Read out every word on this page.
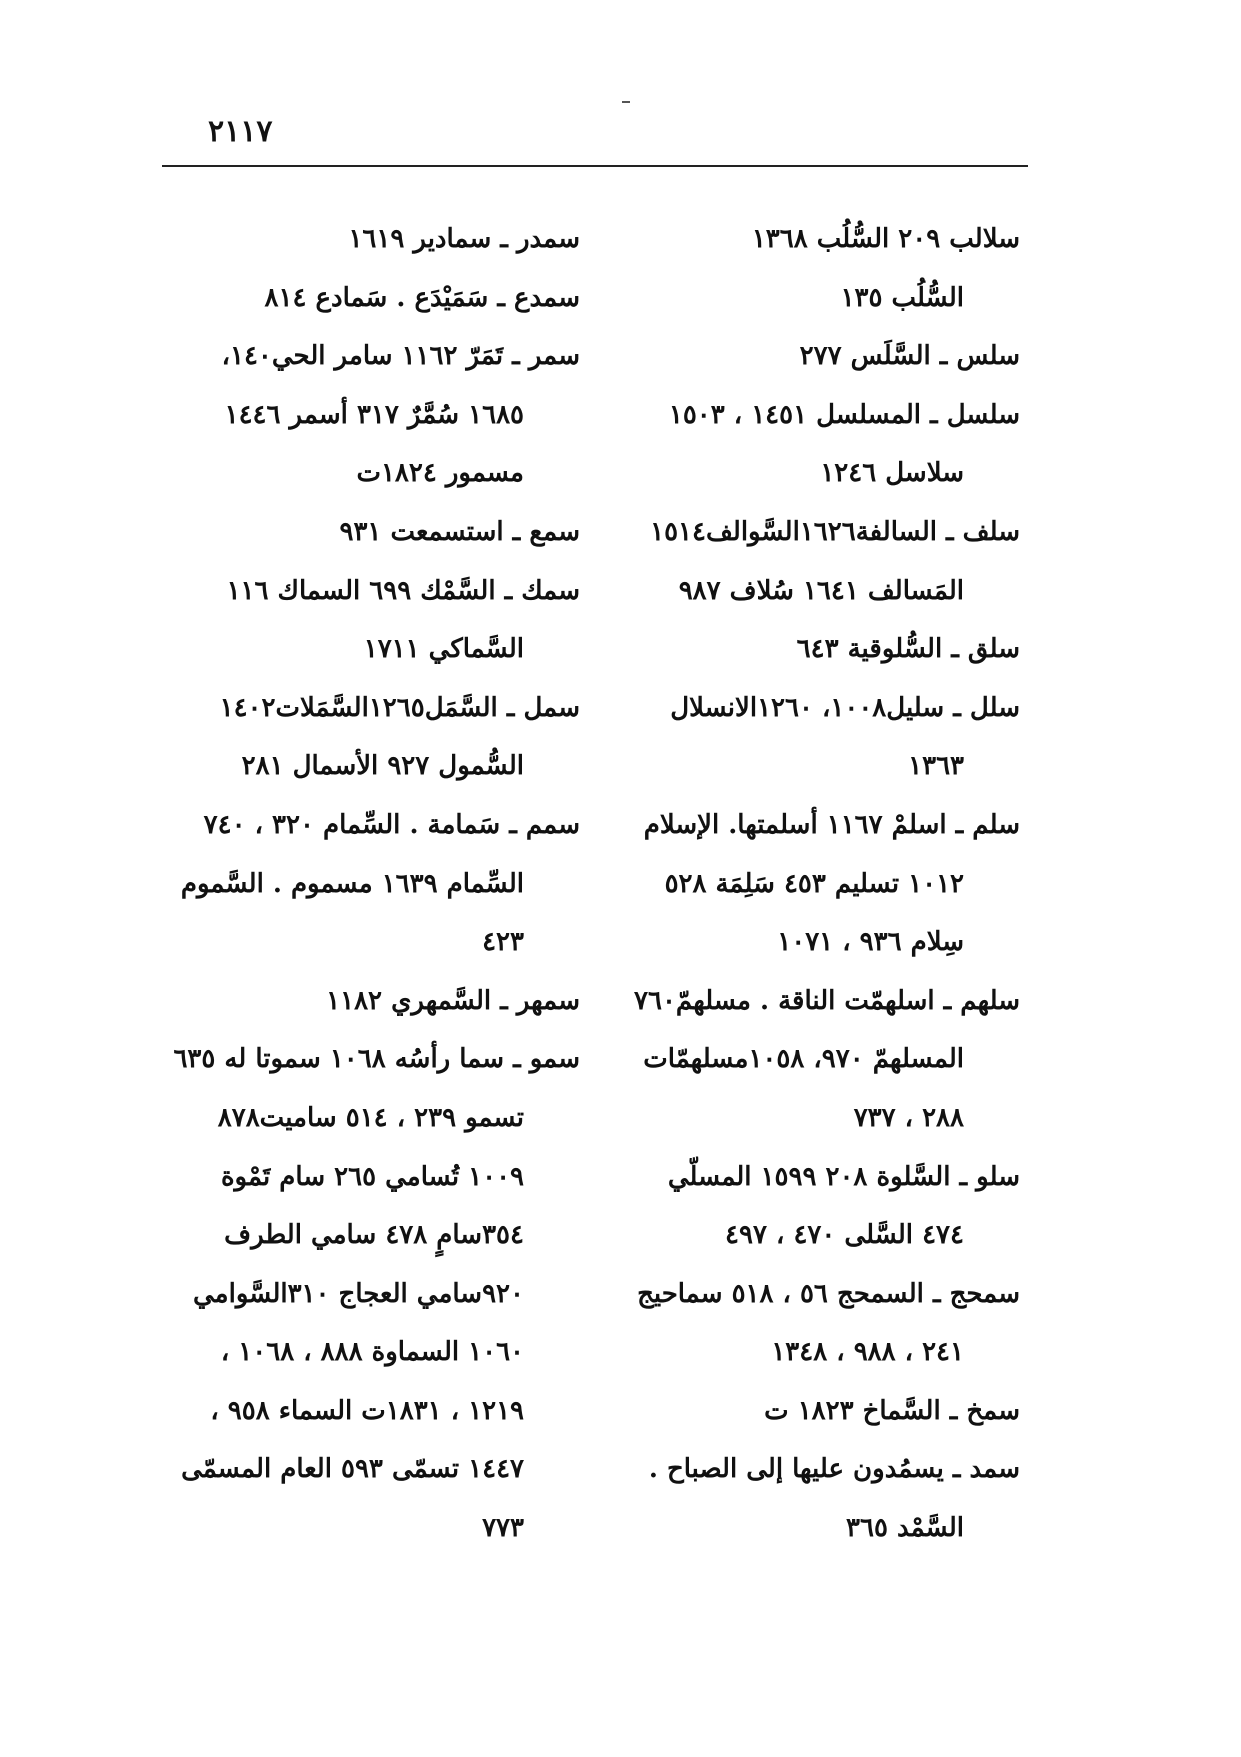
٢١١٧
سلالب ٢٠٩ السُّلُب ١٣٦٨
السُّلُب ١٣٥
سلس ـ السَّلَس ٢٧٧
سلسل ـ المسلسل ١٤٥١ ، ١٥٠٣
سلاسل ١٢٤٦
سلف ـ السالفة١٦٢٦السَّوالف١٥١٤
المَسالف ١٦٤١ سُلاف ٩٨٧
سلق ـ السُّلوقية ٦٤٣
سلل ـ سليل١٠٠٨، ١٢٦٠الانسلال
١٣٦٣
سلم ـ اسلمْ ١١٦٧ أسلمتها. الإسلام
١٠١٢ تسليم ٤٥٣ سَلِمَة ٥٢٨
سِلام ٩٣٦ ، ١٠٧١
سلهم ـ اسلهمّت الناقة . مسلهمّ٧٦٠
المسلهمّ ٩٧٠، ١٠٥٨مسلهمّات
٢٨٨ ، ٧٣٧
سلو ـ السَّلوة ٢٠٨ ١٥٩٩ المسلّي
٤٧٤ السَّلى ٤٧٠ ، ٤٩٧
سمحج ـ السمحج ٥٦ ، ٥١٨ سماحيج
٢٤١ ، ٩٨٨ ، ١٣٤٨
سمخ ـ السَّماخ ١٨٢٣ ت
سمد ـ يسمُدون عليها إلى الصباح .
السَّمْد ٣٦٥
سمدر ـ سمادير ١٦١٩
سمدع ـ سَمَيْدَع . سَمادع ٨١٤
سمر ـ تَمَرّ ١١٦٢ سامر الحي١٤٠،
١٦٨٥ سُمَّرٌ ٣١٧ أسمر ١٤٤٦
مسمور ١٨٢٤ت
سمع ـ استسمعت ٩٣١
سمك ـ السَّمْك ٦٩٩ السماك ١١٦
السَّماكي ١٧١١
سمل ـ السَّمَل١٢٦٥السَّمَلات١٤٠٢
السُّمول ٩٢٧ الأسمال ٢٨١
سمم ـ سَمامة . السِّمام ٣٢٠ ، ٧٤٠
السِّمام ١٦٣٩ مسموم . السَّموم
٤٢٣
سمهر ـ السَّمهري ١١٨٢
سمو ـ سما رأسُه ١٠٦٨ سموتا له ٦٣٥
تسمو ٢٣٩ ، ٥١٤ ساميت٨٧٨
١٠٠٩ تُسامي ٢٦٥ سام تَمْوة
٣٥٤سامٍ ٤٧٨ سامي الطرف
٩٢٠سامي العجاج ٣١٠السَّوامي
١٠٦٠ السماوة ٨٨٨ ، ١٠٦٨ ،
١٢١٩ ، ١٨٣١ت السماء ٩٥٨ ،
١٤٤٧ تسمّى ٥٩٣ العام المسمّى
٧٧٣
